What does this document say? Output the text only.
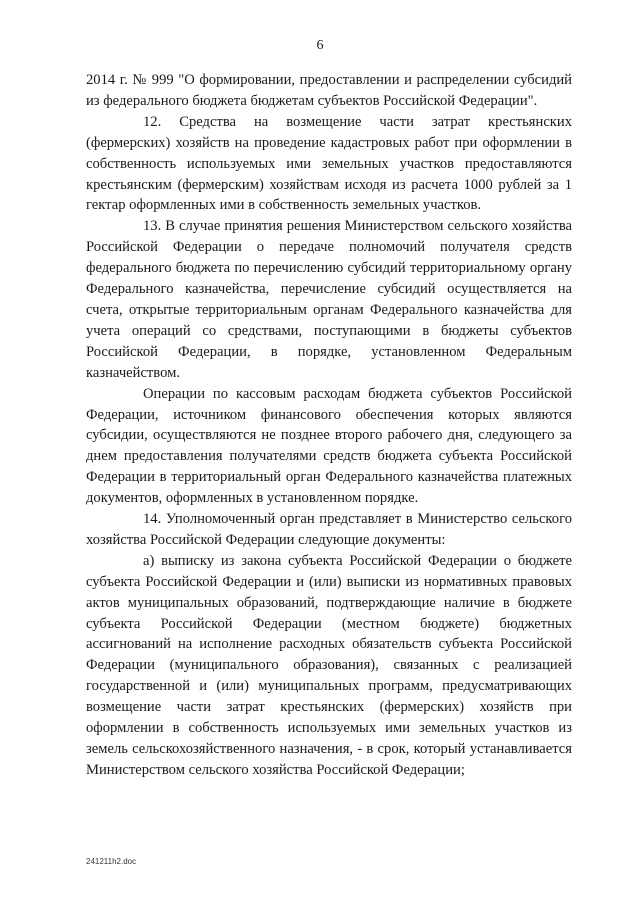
6

2014 г. № 999 "О формировании, предоставлении и распределении субсидий из федерального бюджета бюджетам субъектов Российской Федерации".

12. Средства на возмещение части затрат крестьянских (фермерских) хозяйств на проведение кадастровых работ при оформлении в собственность используемых ими земельных участков предоставляются крестьянским (фермерским) хозяйствам исходя из расчета 1000 рублей за 1 гектар оформленных ими в собственность земельных участков.

13. В случае принятия решения Министерством сельского хозяйства Российской Федерации о передаче полномочий получателя средств федерального бюджета по перечислению субсидий территориальному органу Федерального казначейства, перечисление субсидий осуществляется на счета, открытые территориальным органам Федерального казначейства для учета операций со средствами, поступающими в бюджеты субъектов Российской Федерации, в порядке, установленном Федеральным казначейством.

Операции по кассовым расходам бюджета субъектов Российской Федерации, источником финансового обеспечения которых являются субсидии, осуществляются не позднее второго рабочего дня, следующего за днем предоставления получателями средств бюджета субъекта Российской Федерации в территориальный орган Федерального казначейства платежных документов, оформленных в установленном порядке.

14. Уполномоченный орган представляет в Министерство сельского хозяйства Российской Федерации следующие документы:

а) выписку из закона субъекта Российской Федерации о бюджете субъекта Российской Федерации и (или) выписки из нормативных правовых актов муниципальных образований, подтверждающие наличие в бюджете субъекта Российской Федерации (местном бюджете) бюджетных ассигнований на исполнение расходных обязательств субъекта Российской Федерации (муниципального образования), связанных с реализацией государственной и (или) муниципальных программ, предусматривающих возмещение части затрат крестьянских (фермерских) хозяйств при оформлении в собственность используемых ими земельных участков из земель сельскохозяйственного назначения, - в срок, который устанавливается Министерством сельского хозяйства Российской Федерации;

241211h2.doc
